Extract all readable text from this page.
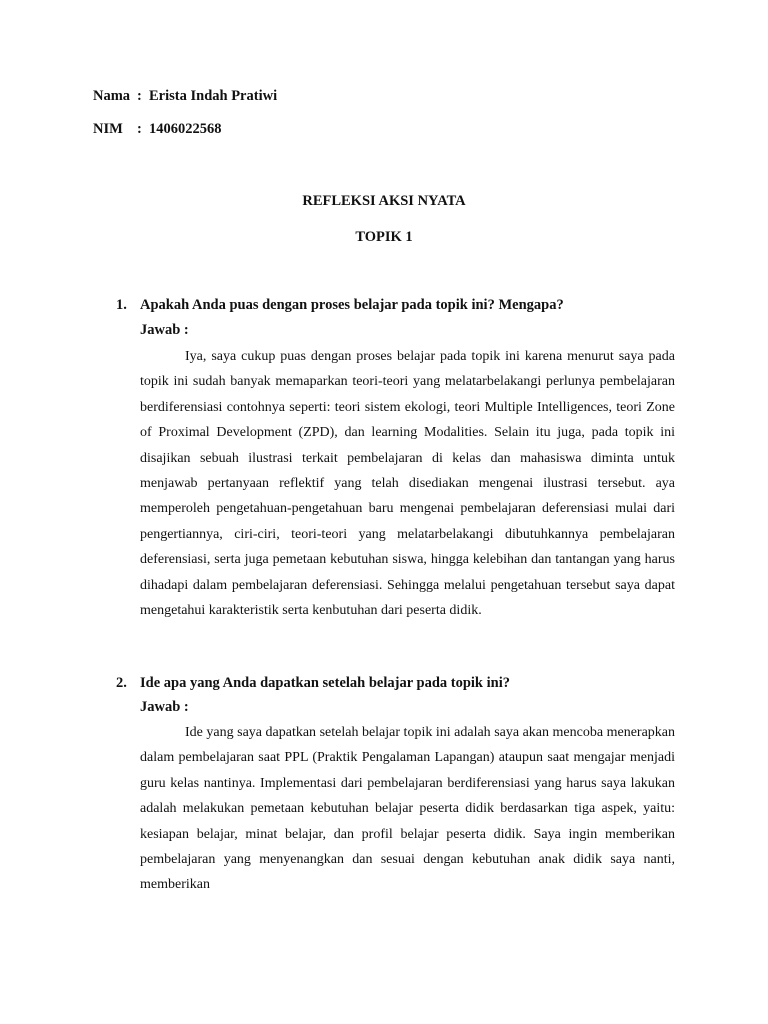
Nama : Erista Indah Pratiwi
NIM : 1406022568
REFLEKSI AKSI NYATA
TOPIK 1
1. Apakah Anda puas dengan proses belajar pada topik ini? Mengapa?
Jawab :

Iya, saya cukup puas dengan proses belajar pada topik ini karena menurut saya pada topik ini sudah banyak memaparkan teori-teori yang melatarbelakangi perlunya pembelajaran berdiferensiasi contohnya seperti: teori sistem ekologi, teori Multiple Intelligences, teori Zone of Proximal Development (ZPD), dan learning Modalities. Selain itu juga, pada topik ini disajikan sebuah ilustrasi terkait pembelajaran di kelas dan mahasiswa diminta untuk menjawab pertanyaan reflektif yang telah disediakan mengenai ilustrasi tersebut. aya memperoleh pengetahuan-pengetahuan baru mengenai pembelajaran deferensiasi mulai dari pengertiannya, ciri-ciri, teori-teori yang melatarbelakangi dibutuhkannya pembelajaran deferensiasi, serta juga pemetaan kebutuhan siswa, hingga kelebihan dan tantangan yang harus dihadapi dalam pembelajaran deferensiasi. Sehingga melalui pengetahuan tersebut saya dapat mengetahui karakteristik serta kenbutuhan dari peserta didik.

2. Ide apa yang Anda dapatkan setelah belajar pada topik ini?
Jawab :

Ide yang saya dapatkan setelah belajar topik ini adalah saya akan mencoba menerapkan dalam pembelajaran saat PPL (Praktik Pengalaman Lapangan) ataupun saat mengajar menjadi guru kelas nantinya. Implementasi dari pembelajaran berdiferensiasi yang harus saya lakukan adalah melakukan pemetaan kebutuhan belajar peserta didik berdasarkan tiga aspek, yaitu: kesiapan belajar, minat belajar, dan profil belajar peserta didik. Saya ingin memberikan pembelajaran yang menyenangkan dan sesuai dengan kebutuhan anak didik saya nanti, memberikan
